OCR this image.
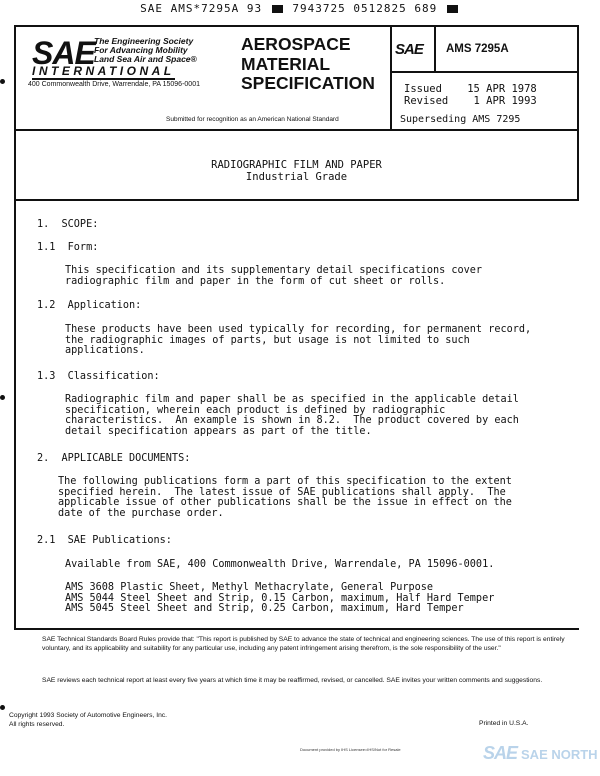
SAE AMS*7295A 93  7943725 0512825 689
SAE The Engineering Society
For Advancing Mobility
Land Sea Air and Space®
INTERNATIONAL
400 Commonwealth Drive, Warrendale, PA 15096-0001
AEROSPACE
MATERIAL
SPECIFICATION
Submitted for recognition as an American National Standard
SAE AMS 7295A
Issued    15 APR 1978
Revised    1 APR 1993
Superseding AMS 7295
RADIOGRAPHIC FILM AND PAPER
Industrial Grade
1.  SCOPE:
1.1  Form:
This specification and its supplementary detail specifications cover
radiographic film and paper in the form of cut sheet or rolls.
1.2  Application:
These products have been used typically for recording, for permanent record,
the radiographic images of parts, but usage is not limited to such
applications.
1.3  Classification:
Radiographic film and paper shall be as specified in the applicable detail
specification, wherein each product is defined by radiographic
characteristics.  An example is shown in 8.2.  The product covered by each
detail specification appears as part of the title.
2.  APPLICABLE DOCUMENTS:
The following publications form a part of this specification to the extent
specified herein.  The latest issue of SAE publications shall apply.  The
applicable issue of other publications shall be the issue in effect on the
date of the purchase order.
2.1  SAE Publications:
Available from SAE, 400 Commonwealth Drive, Warrendale, PA 15096-0001.
AMS 3608 Plastic Sheet, Methyl Methacrylate, General Purpose
AMS 5044 Steel Sheet and Strip, 0.15 Carbon, maximum, Half Hard Temper
AMS 5045 Steel Sheet and Strip, 0.25 Carbon, maximum, Hard Temper
SAE Technical Standards Board Rules provide that: "This report is published by SAE to advance the state of technical and engineering sciences. The use of this report is entirely voluntary, and its applicability and suitability for any particular use, including any patent infringement arising therefrom, is the sole responsibility of the user."
SAE reviews each technical report at least every five years at which time it may be reaffirmed, revised, or cancelled. SAE invites your written comments and suggestions.
Copyright 1993 Society of Automotive Engineers, Inc.
All rights reserved.	Printed in U.S.A.
Document provided by IHS Licensee=IHS/Not for Resale	SAE SAE NORTH
